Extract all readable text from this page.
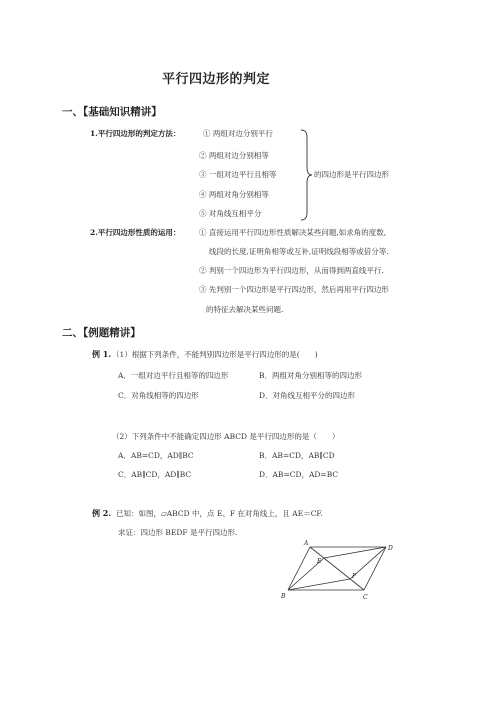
平行四边形的判定
一、【基础知识精讲】
1.平行四边形的判定方法：	① 两组对边分别平行
② 两组对边分别相等
③ 一组对边平行且相等
④ 两组对角分别相等
⑤ 对角线互相平分
的四边形是平行四边形
2.平行四边形性质的运用： ① 直接运用平行四边形性质解决某些问题,如求角的度数,
线段的长度,证明角相等或互补,证明线段相等或倍分等.
② 判别一个四边形为平行四边形，从而得到两直线平行.
③ 先判别一个四边形是平行四边形，然后再用平行四边形
的特征去解决某些问题.
二、【例题精讲】
例 1. （1）根据下列条件，不能判别四边形是平行四边形的是(　　)
A．一组对边平行且相等的四边形	B．两组对角分别相等的四边形
C．对角线相等的四边形	D．对角线互相平分的四边形
（2）下列条件中不能确定四边形 ABCD 是平行四边形的是（　　）
A．AB=CD，AD∥BC	B．AB=CD，AB∥CD
C．AB∥CD，AD∥BC	D．AB=CD，AD=BC
例 2. 已知：如图，▱ABCD 中，点 E、F 在对角线上，且 AE＝CF.
求证：四边形 BEDF 是平行四边形.
A
D
B	C
E
F
